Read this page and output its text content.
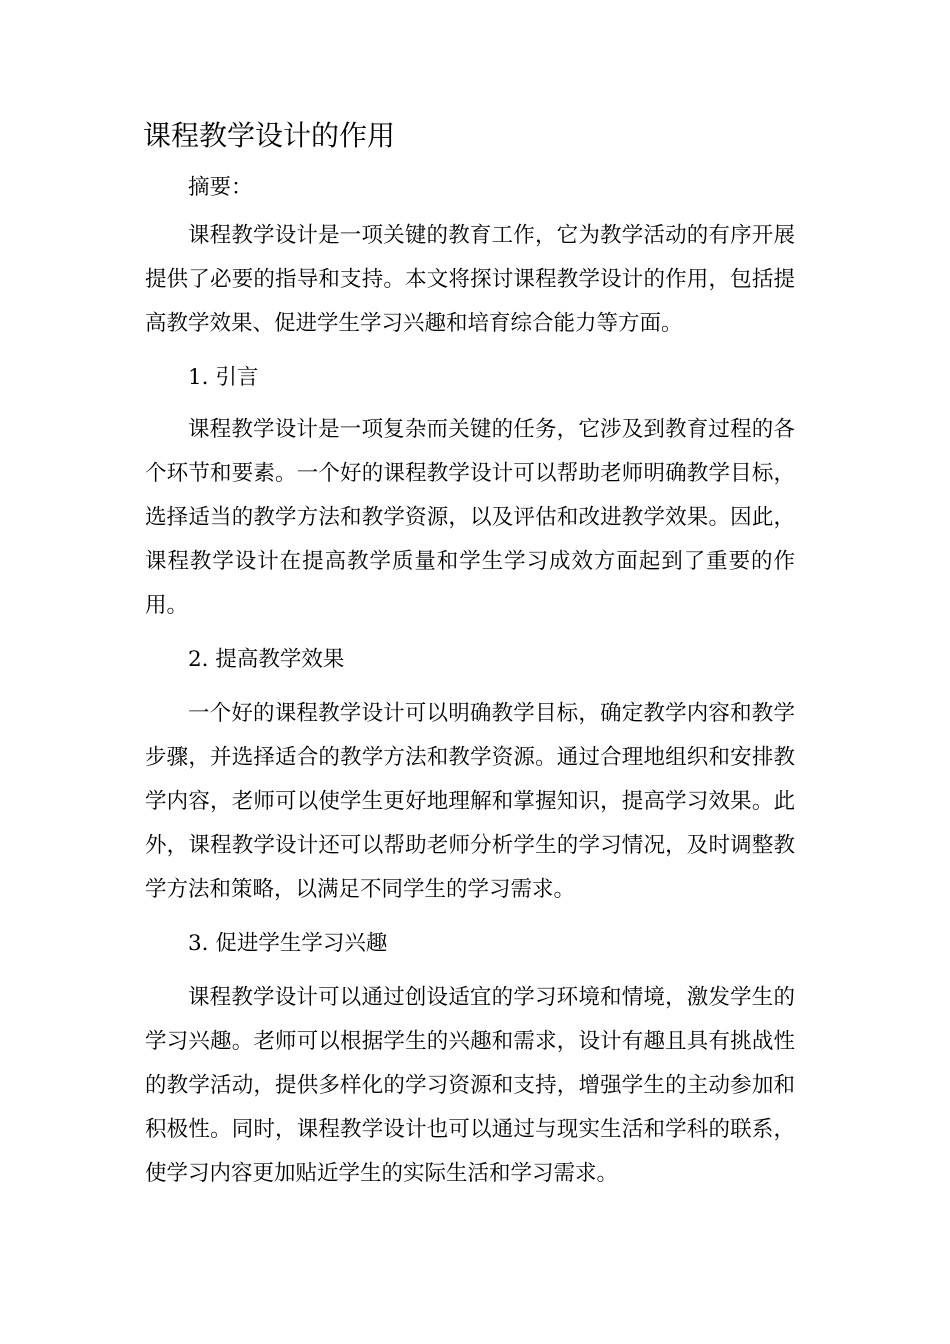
课程教学设计的作用

摘要：

课程教学设计是一项关键的教育工作，它为教学活动的有序开展提供了必要的指导和支持。本文将探讨课程教学设计的作用，包括提高教学效果、促进学生学习兴趣和培育综合能力等方面。

1. 引言

课程教学设计是一项复杂而关键的任务，它涉及到教育过程的各个环节和要素。一个好的课程教学设计可以帮助老师明确教学目标，选择适当的教学方法和教学资源，以及评估和改进教学效果。因此，课程教学设计在提高教学质量和学生学习成效方面起到了重要的作用。

2. 提高教学效果

一个好的课程教学设计可以明确教学目标，确定教学内容和教学步骤，并选择适合的教学方法和教学资源。通过合理地组织和安排教学内容，老师可以使学生更好地理解和掌握知识，提高学习效果。此外，课程教学设计还可以帮助老师分析学生的学习情况，及时调整教学方法和策略，以满足不同学生的学习需求。

3. 促进学生学习兴趣

课程教学设计可以通过创设适宜的学习环境和情境，激发学生的学习兴趣。老师可以根据学生的兴趣和需求，设计有趣且具有挑战性的教学活动，提供多样化的学习资源和支持，增强学生的主动参加和积极性。同时，课程教学设计也可以通过与现实生活和学科的联系，使学习内容更加贴近学生的实际生活和学习需求。
